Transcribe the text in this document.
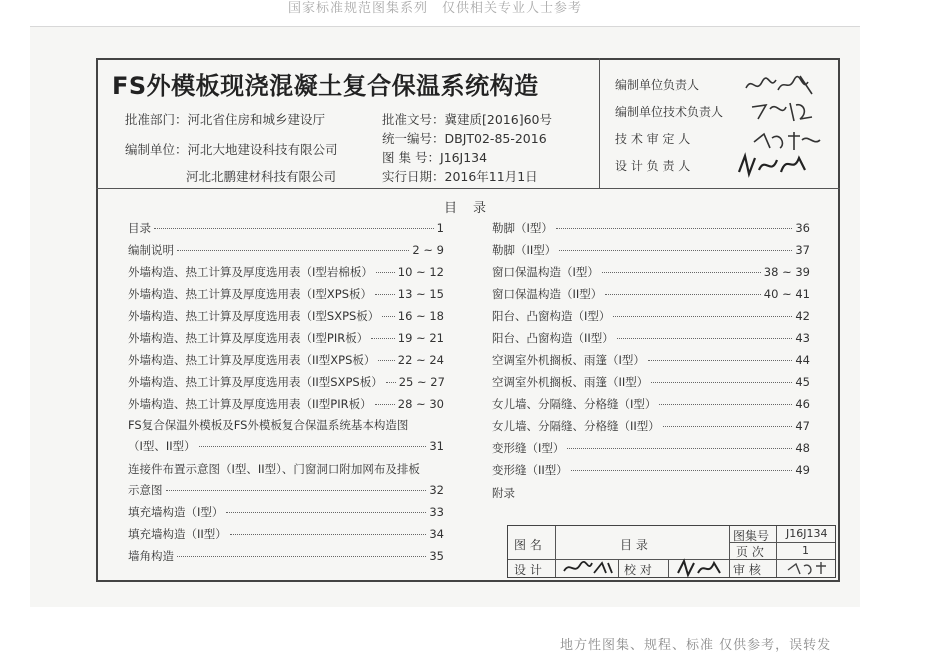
国家标准规范图集系列　仅供相关专业人士参考
FS外模板现浇混凝土复合保温系统构造
批准部门：河北省住房和城乡建设厅
编制单位：河北大地建设科技有限公司
河北北鹏建材科技有限公司
批准文号：冀建质[2016]60号
统一编号：DBJT02-85-2016
图 集 号：J16J134
实行日期：2016年11月1日
编制单位负责人
编制单位技术负责人
技 术 审 定 人
设 计 负 责 人
目录
目录	1
编制说明	2 ~ 9
外墙构造、热工计算及厚度选用表（I型岩棉板） 10 ~ 12
外墙构造、热工计算及厚度选用表（I型XPS板） 13 ~ 15
外墙构造、热工计算及厚度选用表（I型SXPS板） 16 ~ 18
外墙构造、热工计算及厚度选用表（I型PIR板）	19 ~ 21
外墙构造、热工计算及厚度选用表（II型XPS板） 22 ~ 24
外墙构造、热工计算及厚度选用表（II型SXPS板） 25 ~ 27
外墙构造、热工计算及厚度选用表（II型PIR板） 28 ~ 30
FS复合保温外模板及FS外模板复合保温系统基本构造图
（I型、II型）	31
连接件布置示意图（I型、II型）、门窗洞口附加网布及排板
示意图	32
填充墙构造（I型）	33
填充墙构造（II型）	34
墙角构造	35
勒脚（I型）	36
勒脚（II型）	37
窗口保温构造（I型）	38 ~ 39
窗口保温构造（II型）	40 ~ 41
阳台、凸窗构造（I型）	42
阳台、凸窗构造（II型）	43
空调室外机搁板、雨篷（I型）	44
空调室外机搁板、雨篷（II型）	45
女儿墙、分隔缝、分格缝（I型）	46
女儿墙、分隔缝、分格缝（II型）	47
变形缝（I型）	48
变形缝（II型）	49
附录
图 名	目 录
图集号 J16J134
页 次	1
设 计	校 对	审 核
地方性图集、规程、标准 仅供参考，误转发
